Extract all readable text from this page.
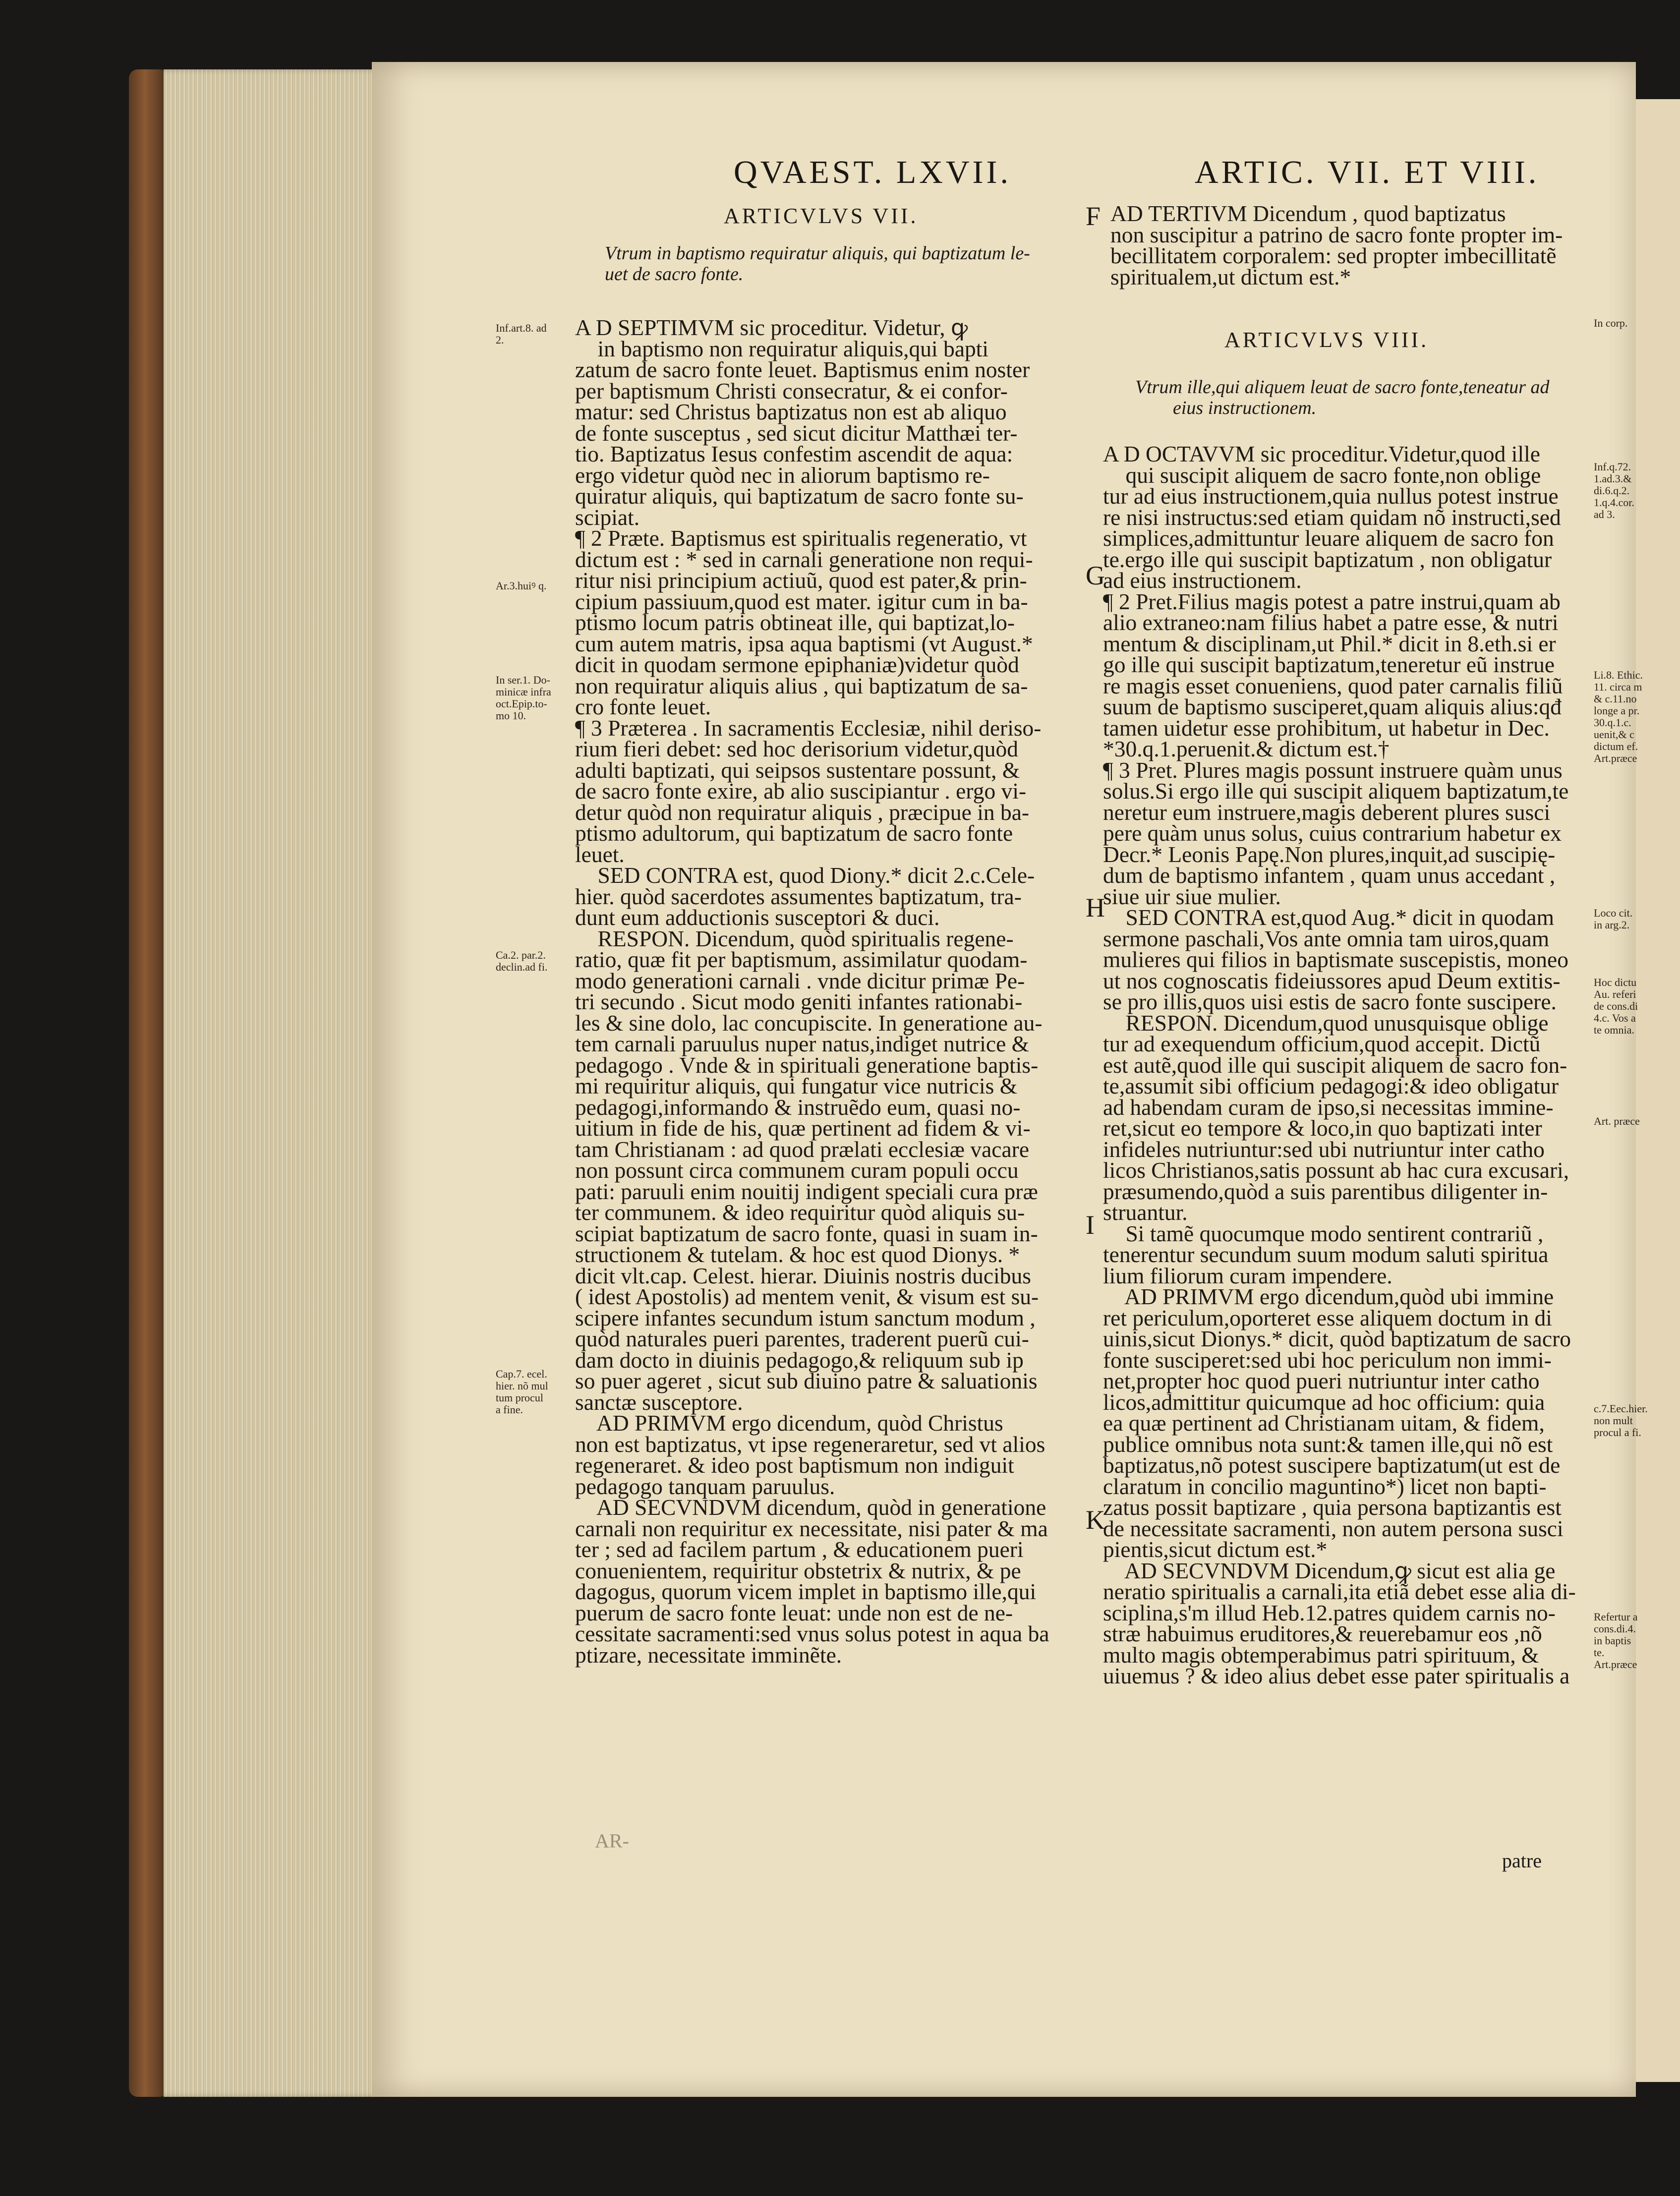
QVAEST. LXVII.	ARTIC. VII. ET VIII.
ARTICVLVS VII.
Vtrum in baptismo requiratur aliquis, qui baptizatum le-
uet de sacro fonte.
A D SEPTIMVM sic proceditur. Videtur, ꝙ
in baptismo non requiratur aliquis,qui bapti
zatum de sacro fonte leuet. Baptismus enim noster
per baptismum Christi consecratur, & ei confor-
matur: sed Christus baptizatus non est ab aliquo
de fonte susceptus , sed sicut dicitur Matthæi ter-
tio. Baptizatus Iesus confestim ascendit de aqua:
ergo videtur quòd nec in aliorum baptismo re-
quiratur aliquis, qui baptizatum de sacro fonte su-
scipiat.
¶ 2 Præte. Baptismus est spiritualis regeneratio, vt
dictum est : * sed in carnali generatione non requi-
ritur nisi principium actiuũ, quod est pater,& prin-
cipium passiuum,quod est mater. igitur cum in ba-
ptismo locum patris obtineat ille, qui baptizat,lo-
cum autem matris, ipsa aqua baptismi (vt August.*
dicit in quodam sermone epiphaniæ)videtur quòd
non requiratur aliquis alius , qui baptizatum de sa-
cro fonte leuet.
¶ 3 Præterea . In sacramentis Ecclesiæ, nihil deriso-
rium fieri debet: sed hoc derisorium videtur,quòd
adulti baptizati, qui seipsos sustentare possunt, &
de sacro fonte exire, ab alio suscipiantur . ergo vi-
detur quòd non requiratur aliquis , præcipue in ba-
ptismo adultorum, qui baptizatum de sacro fonte
leuet.
SED CONTRA est, quod Diony.* dicit 2.c.Cele-
hier. quòd sacerdotes assumentes baptizatum, tra-
dunt eum adductionis susceptori & duci.
RESPON. Dicendum, quòd spiritualis regene-
ratio, quæ fit per baptismum, assimilatur quodam-
modo generationi carnali . vnde dicitur primæ Pe-
tri secundo . Sicut modo geniti infantes rationabi-
les & sine dolo, lac concupiscite. In generatione au-
tem carnali paruulus nuper natus,indiget nutrice &
pedagogo . Vnde & in spirituali generatione baptis-
mi requiritur aliquis, qui fungatur vice nutricis &
pedagogi,informando & instruẽdo eum, quasi no-
uitium in fide de his, quæ pertinent ad fidem & vi-
tam Christianam : ad quod prælati ecclesiæ vacare
non possunt circa communem curam populi occu
pati: paruuli enim nouitij indigent speciali cura præ
ter communem. & ideo requiritur quòd aliquis su-
scipiat baptizatum de sacro fonte, quasi in suam in-
structionem & tutelam. & hoc est quod Dionys. *
dicit vlt.cap. Celest. hierar. Diuinis nostris ducibus
( idest Apostolis) ad mentem venit, & visum est su-
scipere infantes secundum istum sanctum modum ,
quòd naturales pueri parentes, traderent puerũ cui-
dam docto in diuinis pedagogo,& reliquum sub ip
so puer ageret , sicut sub diuino patre & saluationis
sanctæ susceptore.
AD PRIMVM ergo dicendum, quòd Christus
non est baptizatus, vt ipse regeneraretur, sed vt alios
regeneraret. & ideo post baptismum non indiguit
pedagogo tanquam paruulus.
AD SECVNDVM dicendum, quòd in generatione
carnali non requiritur ex necessitate, nisi pater & ma
ter ; sed ad facilem partum , & educationem pueri
conuenientem, requiritur obstetrix & nutrix, & pe
dagogus, quorum vicem implet in baptismo ille,qui
puerum de sacro fonte leuat: unde non est de ne-
cessitate sacramenti:sed vnus solus potest in aqua ba
ptizare, necessitate imminẽte.
AR-
AD TERTIVM Dicendum , quod baptizatus
non suscipitur a patrino de sacro fonte propter im-
becillitatem corporalem: sed propter imbecillitatẽ
spiritualem,ut dictum est.*
ARTICVLVS VIII.
Vtrum ille,qui aliquem leuat de sacro fonte,teneatur ad
eius instructionem.
A D OCTAVVM sic proceditur.Videtur,quod ille
qui suscipit aliquem de sacro fonte,non oblige
tur ad eius instructionem,quia nullus potest instrue
re nisi instructus:sed etiam quidam nõ instructi,sed
simplices,admittuntur leuare aliquem de sacro fon
te.ergo ille qui suscipit baptizatum , non obligatur
ad eius instructionem.
¶ 2 Pret.Filius magis potest a patre instrui,quam ab
alio extraneo:nam filius habet a patre esse, & nutri
mentum & disciplinam,ut Phil.* dicit in 8.eth.si er
go ille qui suscipit baptizatum,teneretur eũ instrue
re magis esset conueniens, quod pater carnalis filiũ
suum de baptismo susciperet,quam aliquis alius:qđ
tamen uidetur esse prohibitum, ut habetur in Dec.
*30.q.1.peruenit.& dictum est.†
¶ 3 Pret. Plures magis possunt instruere quàm unus
solus.Si ergo ille qui suscipit aliquem baptizatum,te
neretur eum instruere,magis deberent plures susci
pere quàm unus solus, cuius contrarium habetur ex
Decr.* Leonis Papę.Non plures,inquit,ad suscipię-
dum de baptismo infantem , quam unus accedant ,
siue uir siue mulier.
SED CONTRA est,quod Aug.* dicit in quodam
sermone paschali,Vos ante omnia tam uiros,quam
mulieres qui filios in baptismate suscepistis, moneo
ut nos cognoscatis fideiussores apud Deum extitis-
se pro illis,quos uisi estis de sacro fonte suscipere.
RESPON. Dicendum,quod unusquisque oblige
tur ad exequendum officium,quod accepit. Dictũ
est autẽ,quod ille qui suscipit aliquem de sacro fon-
te,assumit sibi officium pedagogi:& ideo obligatur
ad habendam curam de ipso,si necessitas immine-
ret,sicut eo tempore & loco,in quo baptizati inter
infideles nutriuntur:sed ubi nutriuntur inter catho
licos Christianos,satis possunt ab hac cura excusari,
præsumendo,quòd a suis parentibus diligenter in-
struantur.
Si tamẽ quocumque modo sentirent contrariũ ,
tenerentur secundum suum modum saluti spiritua
lium filiorum curam impendere.
AD PRIMVM ergo dicendum,quòd ubi immine
ret periculum,oporteret esse aliquem doctum in di
uinis,sicut Dionys.* dicit, quòd baptizatum de sacro
fonte susciperet:sed ubi hoc periculum non immi-
net,propter hoc quod pueri nutriuntur inter catho
licos,admittitur quicumque ad hoc officium: quia
ea quæ pertinent ad Christianam uitam, & fidem,
publice omnibus nota sunt:& tamen ille,qui nõ est
baptizatus,nõ potest suscipere baptizatum(ut est de
claratum in concilio maguntino*) licet non bapti-
zatus possit baptizare , quia persona baptizantis est
de necessitate sacramenti, non autem persona susci
pientis,sicut dictum est.*
AD SECVNDVM Dicendum,ꝙ sicut est alia ge
neratio spiritualis a carnali,ita etiã debet esse alia di-
sciplina,s'm illud Heb.12.patres quidem carnis no-
stræ habuimus eruditores,& reuerebamur eos ,nõ
multo magis obtemperabimus patri spirituum, &
uiuemus ? & ideo alius debet esse pater spiritualis a
patre
F
G
H
I
K
Inf.art.8. ad
2.
Ar.3.huiꝰ q.
In ser.1. Do-
minicæ infra
oct.Epip.to-
mo 10.
Ca.2. par.2.
declin.ad fi.
Cap.7. ecel.
hier. nõ mul
tum procul
a fine.
In corp.
Inf.q.72.
1.ad.3.&
di.6.q.2.
1.q.4.cor.
ad 3.
Li.8. Ethic.
11. circa m
& c.11.no
longe a pr.
30.q.1.c.
uenit,& c
dictum ef.
Art.præce
Loco cit.
in arg.2.
Hoc dictu
Au. referi
de cons.di
4.c. Vos a
te omnia.
Art. præce
c.7.Eec.hier.
non mult
procul a fi.
Refertur a
cons.di.4.
in baptis
te.
Art.præce
